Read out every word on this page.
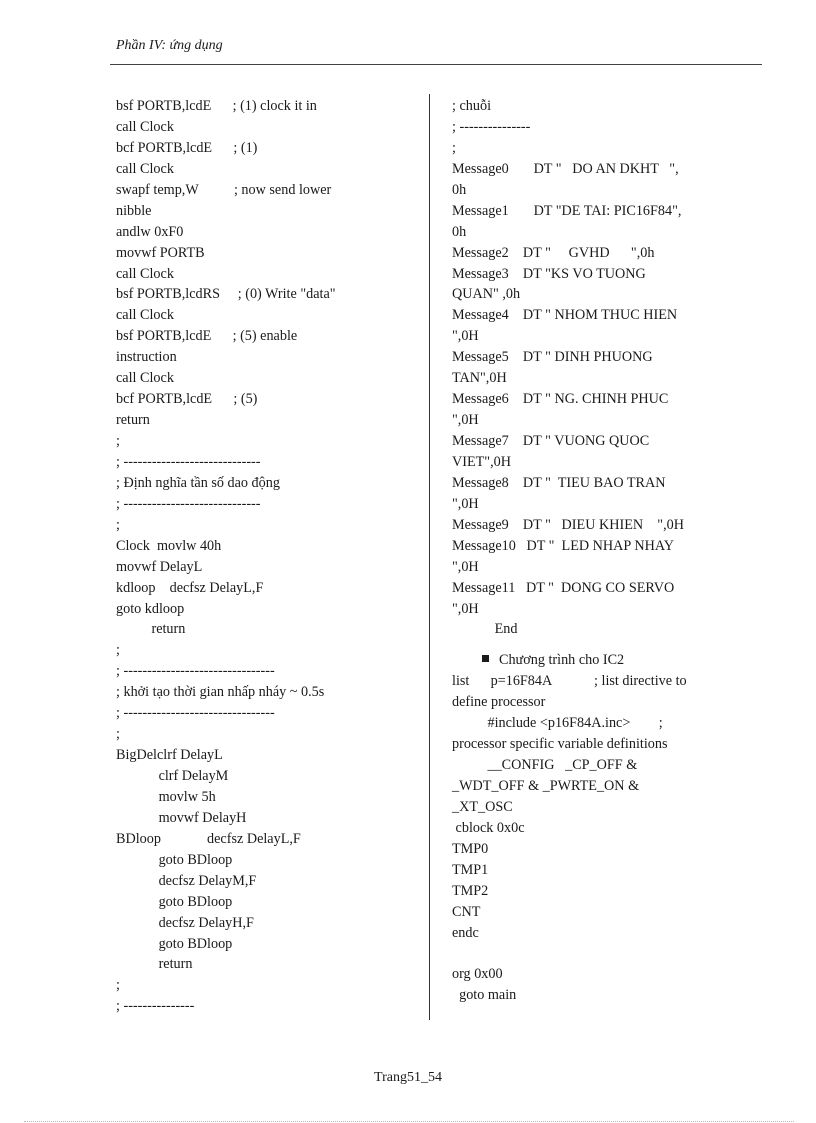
Phần IV: ứng dụng
bsf PORTB,lcdE      ; (1) clock it in
call Clock
bcf PORTB,lcdE      ; (1)
call Clock
swapf temp,W          ; now send lower
nibble
andlw 0xF0
movwf PORTB
call Clock
bsf PORTB,lcdRS     ; (0) Write "data"
call Clock
bsf PORTB,lcdE      ; (5) enable
instruction
call Clock
bcf PORTB,lcdE      ; (5)
return
;
; -----------------------------
; Định nghĩa tần số dao động
; -----------------------------
;
Clock  movlw 40h
movwf DelayL
kdloop    decfsz DelayL,F
goto kdloop
return
;
; --------------------------------
; khởi tạo thời gian nhấp nháy ~ 0.5s
; --------------------------------
;
BigDelclrf DelayL
clrf DelayM
movlw 5h
movwf DelayH
BDloop             decfsz DelayL,F
goto BDloop
decfsz DelayM,F
goto BDloop
decfsz DelayH,F
goto BDloop
return
;
; ---------------
; chuỗi
; ---------------
;
Message0       DT "   DO AN DKHT   ",
0h
Message1       DT "DE TAI: PIC16F84",
0h
Message2    DT "     GVHD      ",0h
Message3    DT "KS VO TUONG
QUAN" ,0h
Message4    DT " NHOM THUC HIEN
",0H
Message5    DT " DINH PHUONG
TAN",0H
Message6    DT " NG. CHINH PHUC
",0H
Message7    DT " VUONG QUOC
VIET",0H
Message8    DT "  TIEU BAO TRAN
",0H
Message9    DT "   DIEU KHIEN    ",0H
Message10   DT "  LED NHAP NHAY
",0H
Message11   DT "  DONG CO SERVO
",0H
End
Chương trình cho IC2
list      p=16F84A            ; list directive to
define processor
#include <p16F84A.inc>        ;
processor specific variable definitions
__CONFIG   _CP_OFF &
_WDT_OFF & _PWRTE_ON &
_XT_OSC
cblock 0x0c
TMP0
TMP1
TMP2
CNT
endc
org 0x00
goto main
Trang51_54
